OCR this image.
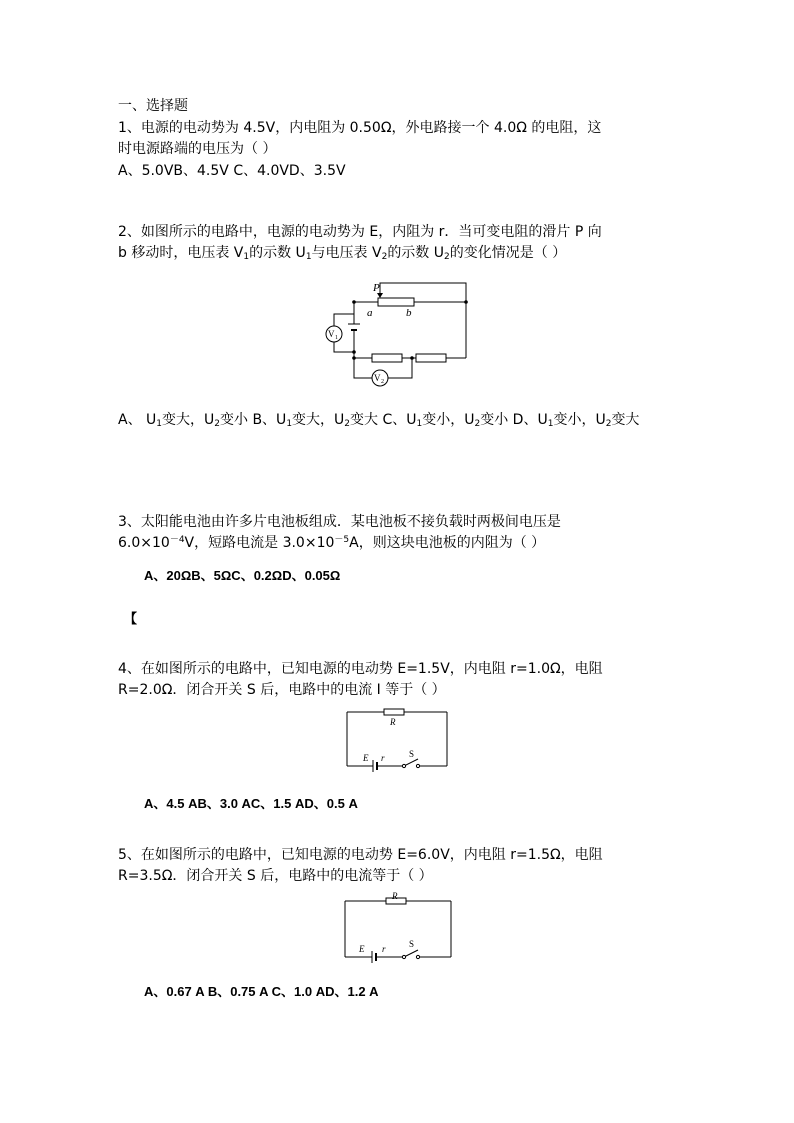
一、选择题
1、电源的电动势为 4.5V，内电阻为 0.50Ω，外电路接一个 4.0Ω 的电阻，这
时电源路端的电压为（ ）
A、5.0VB、4.5V C、4.0VD、3.5V
2、如图所示的电路中，电源的电动势为 E，内阻为 r．当可变电阻的滑片 P 向
b 移动时，电压表 $V_1$的示数 $U_1$与电压表 $V_2$的示数 $U_2$的变化情况是（ ）
P
a	b
V 1
V 2
A、 $U_1$变大，$U_2$变小 B、$U_1$变大，$U_2$变大 C、$U_1$变小，$U_2$变小 D、$U_1$变小，$U_2$变大
3、太阳能电池由许多片电池板组成．某电池板不接负载时两极间电压是
$6.0\times 10^{-4}V$，短路电流是 $3.0\times 10^{-5}A$，则这块电池板的内阻为（ ）
A、20ΩB、5ΩC、0.2ΩD、0.05Ω
【
4、在如图所示的电路中，已知电源的电动势 E=1.5V，内电阻 r=1.0Ω，电阻
R=2.0Ω．闭合开关 S 后，电路中的电流 I 等于（ ）
R
E r	S
A、4.5 AB、3.0 AC、1.5 AD、0.5 A
5、在如图所示的电路中，已知电源的电动势 E=6.0V，内电阻 r=1.5Ω，电阻
R=3.5Ω．闭合开关 S 后，电路中的电流等于（ ）
R
E r	S
A、0.67 A B、0.75 A C、1.0 AD、1.2 A
